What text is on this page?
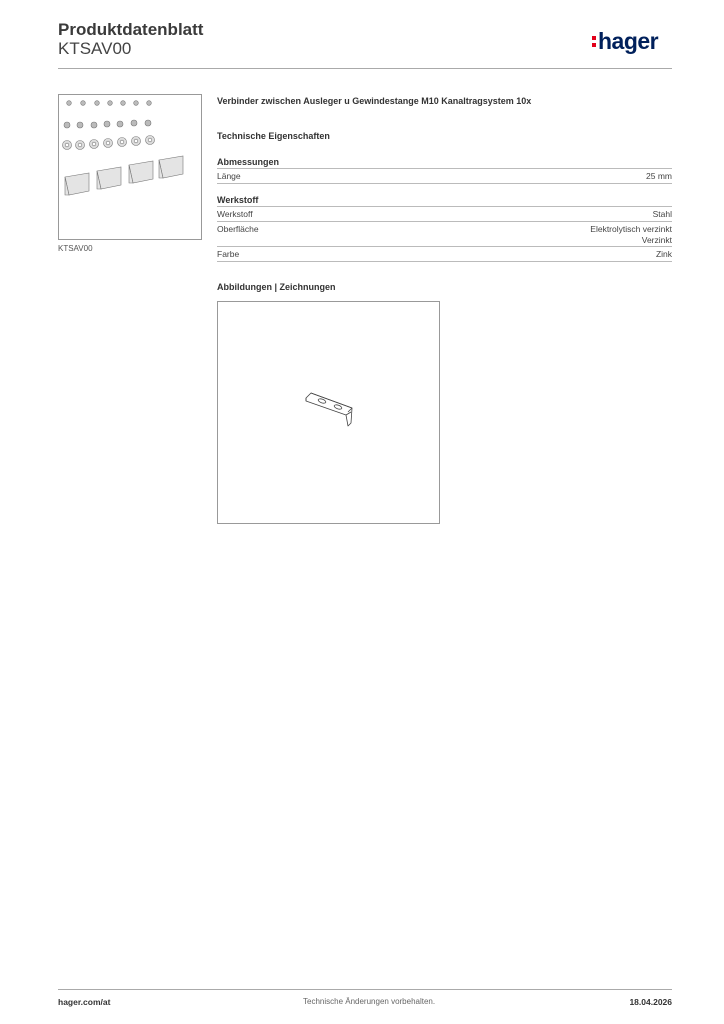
Produktdatenblatt
KTSAV00	hager
KTSAV00
Verbinder zwischen Ausleger u Gewindestange M10 Kanaltragsystem 10x
Technische Eigenschaften
Abmessungen
Länge	25 mm
Werkstoff
Werkstoff	Stahl
Oberfläche	Elektrolytisch verzinkt
Verzinkt
Farbe	Zink
Abbildungen | Zeichnungen
hager.com/at	Technische Änderungen vorbehalten.	18.04.2026
